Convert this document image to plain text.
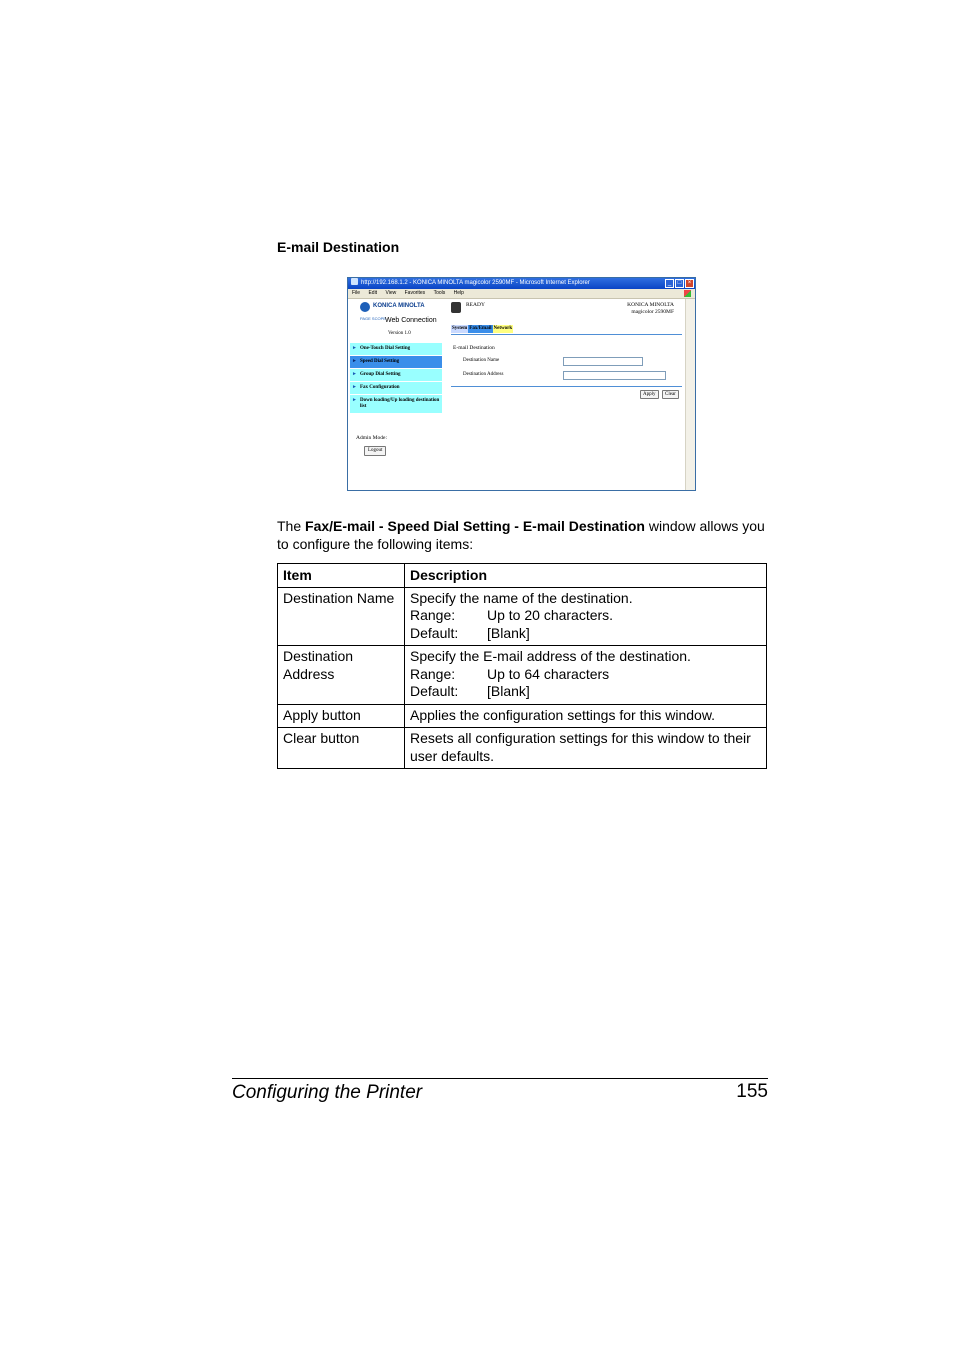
E-mail Destination
http://192.168.1.2 - KONICA MINOLTA magicolor 2590MF - Microsoft Internet Explorer	_	□	×
File Edit View Favorites Tools Help
KONICA MINOLTA
PAGE SCOPE Web Connection
Version 1.0
READY	KONICA MINOLTA
magicolor 2590MF
System Fax/Email Network
► One-Touch Dial Setting
► Speed Dial Setting
► Group Dial Setting
► Fax Configuration
► Down loading/Up loading destination list
Admin Mode:
Logout
E-mail Destination
Destination Name
Destination Address
Apply	Clear
The Fax/E-mail - Speed Dial Setting - E-mail Destination window allows you to configure the following items:
Item	Description
Destination Name	Specify the name of the destination.
Range: Up to 20 characters.
Default: [Blank]

Destination Address	Specify the E-mail address of the destination.
Range: Up to 64 characters
Default: [Blank]

Apply button	Applies the configuration settings for this window.
Clear button	Resets all configuration settings for this window to their user defaults.
Configuring the Printer	155
